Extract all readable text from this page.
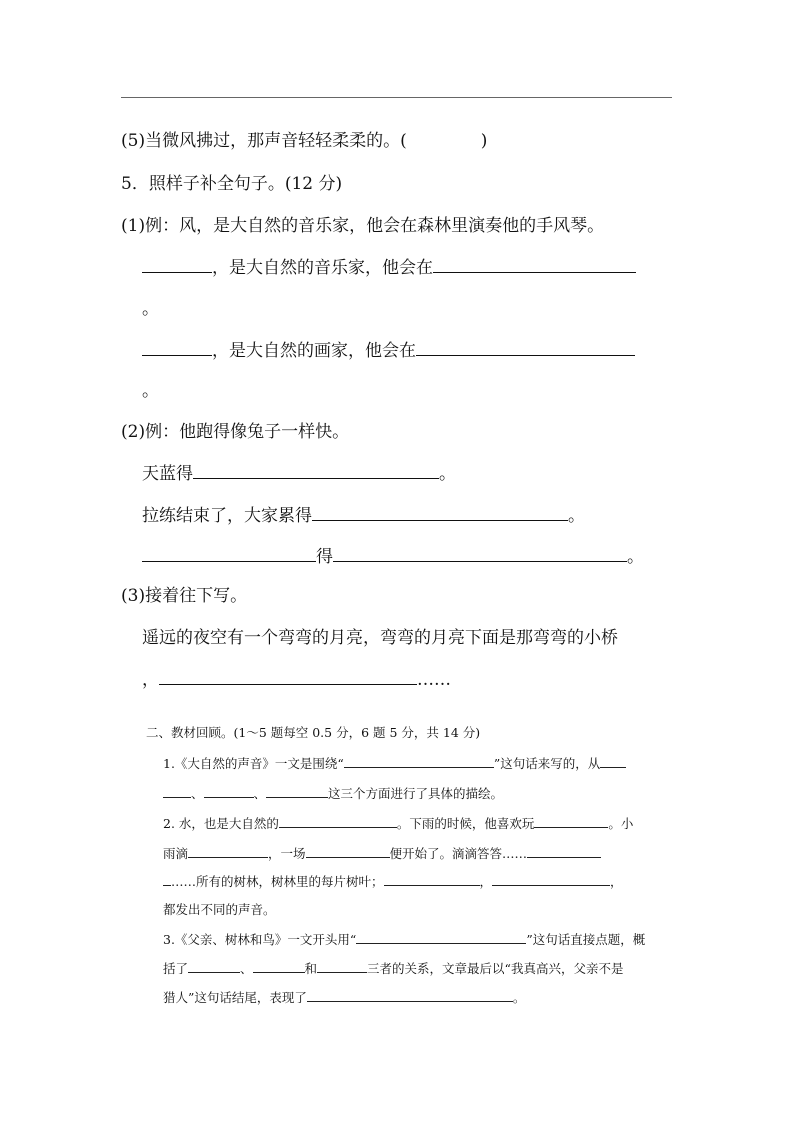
(5)当微风拂过，那声音轻轻柔柔的。(	)
5．照样子补全句子。(12 分)
(1)例：风，是大自然的音乐家，他会在森林里演奏他的手风琴。
，是大自然的音乐家，他会在
。
，是大自然的画家，他会在
。
(2)例：他跑得像兔子一样快。
天蓝得	。
拉练结束了，大家累得	。
得	。
(3)接着往下写。
遥远的夜空有一个弯弯的月亮，弯弯的月亮下面是那弯弯的小桥
，	……
二、教材回顾。(1～5 题每空 0.5 分，6 题 5 分，共 14 分)
1.《大自然的声音》一文是围绕“	”这句话来写的，从
、	、	这三个方面进行了具体的描绘。
2. 水，也是大自然的	。下雨的时候，他喜欢玩	。小
雨滴	，一场	便开始了。滴滴答答……
……所有的树林，树林里的每片树叶；	，	，
都发出不同的声音。
3.《父亲、树林和鸟》一文开头用“	”这句话直接点题，概
括了	、	和	三者的关系，文章最后以“我真高兴，父亲不是
猎人”这句话结尾，表现了	。
